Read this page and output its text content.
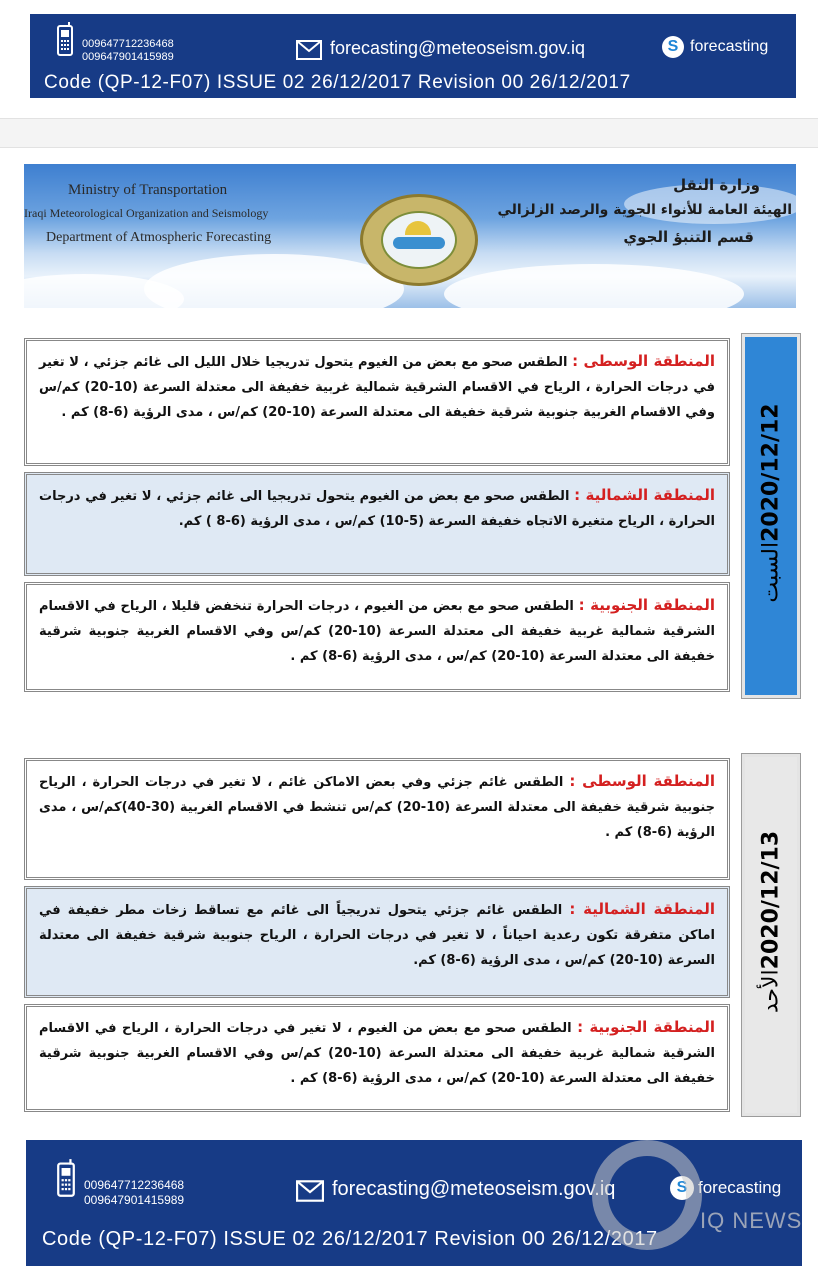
009647712236468
009647901415989	forecasting@meteoseism.gov.iq	S forecasting
Code (QP-12-F07) ISSUE 02 26/12/2017 Revision 00 26/12/2017
Ministry of Transportation
Iraqi Meteorological Organization and Seismology
Department of Atmospheric Forecasting
وزارة النقل
الهيئة العامة للأنواء الجوية والرصد الزلزالي
قسم التنبؤ الجوي
2020/12/12السبت
المنطقة الوسطى : الطقس صحو مع بعض من الغيوم يتحول تدريجيا خلال الليل الى غائم جزئي ، لا تغير في درجات الحرارة ، الرياح في الاقسام الشرقية شمالية غربية خفيفة الى معتدلة السرعة (10-20) كم/س وفي الاقسام الغربية جنوبية شرقية خفيفة الى معتدلة السرعة (10-20) كم/س ، مدى الرؤية (6-8) كم .
المنطقة الشمالية : الطقس صحو مع بعض من الغيوم يتحول تدريجيا الى غائم جزئي ، لا تغير في درجات الحرارة ، الرياح متغيرة الاتجاه خفيفة السرعة (5-10) كم/س ، مدى الرؤية (6-8 ) كم.
المنطقة الجنوبية : الطقس صحو مع بعض من الغيوم ، درجات الحرارة تنخفض قليلا ، الرياح في الاقسام الشرقية شمالية غربية خفيفة الى معتدلة السرعة (10-20) كم/س وفي الاقسام الغربية جنوبية شرقية خفيفة الى معتدلة السرعة (10-20) كم/س ، مدى الرؤية (6-8) كم .
2020/12/13الأحد
المنطقة الوسطى : الطقس غائم جزئي وفي بعض الاماكن غائم ، لا تغير في درجات الحرارة ، الرياح جنوبية شرقية خفيفة الى معتدلة السرعة (10-20) كم/س تنشط في الاقسام الغربية (30-40)كم/س ، مدى الرؤية (6-8) كم .
المنطقة الشمالية : الطقس غائم جزئي يتحول تدريجياً الى غائم مع تساقط زخات مطر خفيفة في اماكن متفرقة تكون رعدية احياناً ، لا تغير في درجات الحرارة ، الرياح جنوبية شرقية خفيفة الى معتدلة السرعة (10-20) كم/س ، مدى الرؤية (6-8) كم.
المنطقة الجنوبية : الطقس صحو مع بعض من الغيوم ، لا تغير في درجات الحرارة ، الرياح في الاقسام الشرقية شمالية غربية خفيفة الى معتدلة السرعة (10-20) كم/س وفي الاقسام الغربية جنوبية شرقية خفيفة الى معتدلة السرعة (10-20) كم/س ، مدى الرؤية (6-8) كم .
009647712236468
009647901415989	forecasting@meteoseism.gov.iq	S forecasting
Code (QP-12-F07) ISSUE 02 26/12/2017 Revision 00 26/12/2017
IQ NEWS
